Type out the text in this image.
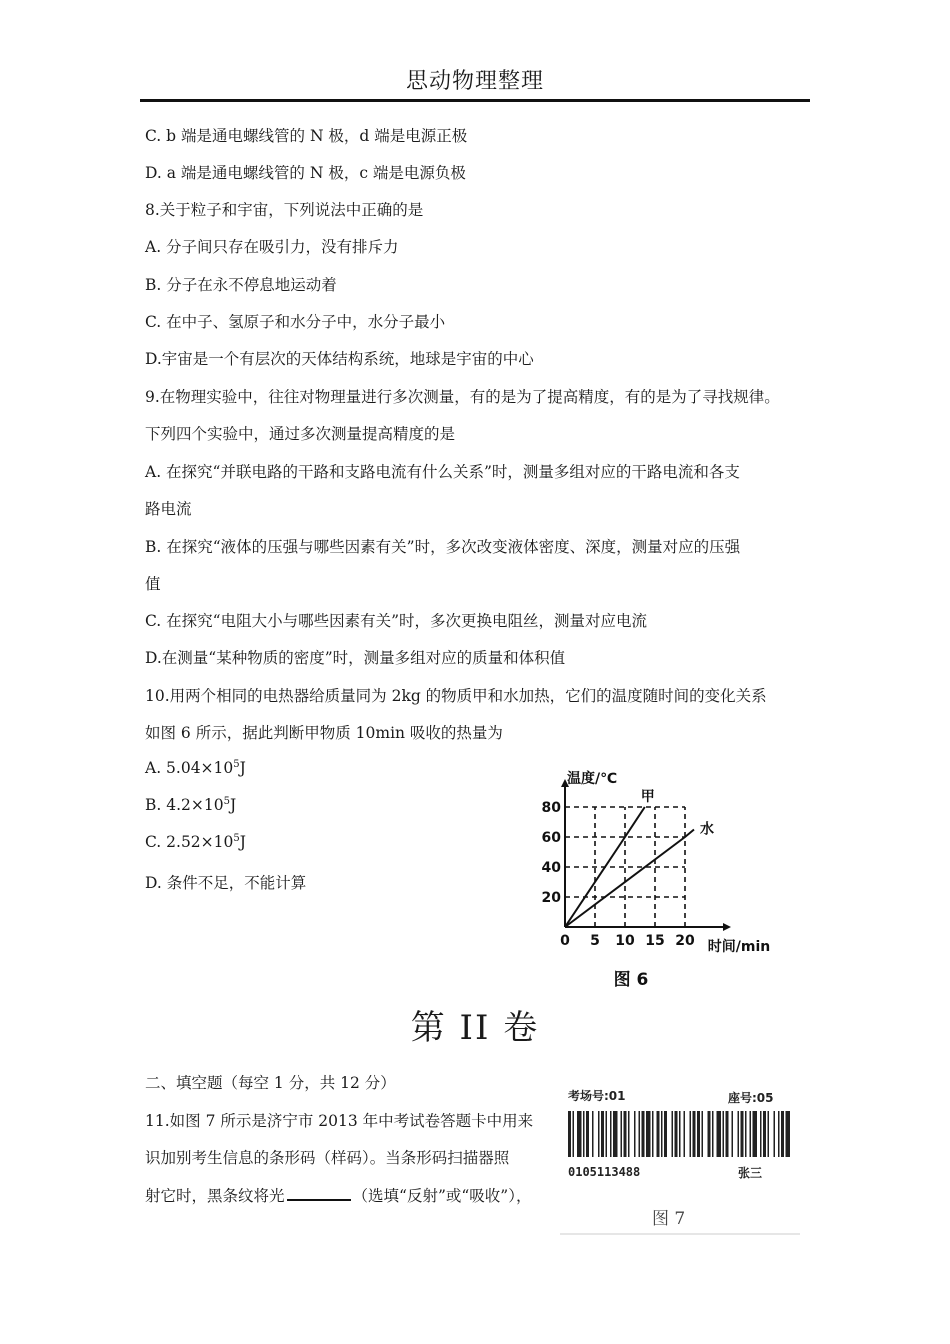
思动物理整理
C. b 端是通电螺线管的 N 极，d 端是电源正极
D. a 端是通电螺线管的 N 极，c 端是电源负极
8.关于粒子和宇宙，下列说法中正确的是
A. 分子间只存在吸引力，没有排斥力
B. 分子在永不停息地运动着
C. 在中子、氢原子和水分子中，水分子最小
D.宇宙是一个有层次的天体结构系统，地球是宇宙的中心
9.在物理实验中，往往对物理量进行多次测量，有的是为了提高精度，有的是为了寻找规律。
下列四个实验中，通过多次测量提高精度的是
A. 在探究“并联电路的干路和支路电流有什么关系”时，测量多组对应的干路电流和各支
路电流
B. 在探究“液体的压强与哪些因素有关”时，多次改变液体密度、深度，测量对应的压强
值
C. 在探究“电阻大小与哪些因素有关”时，多次更换电阻丝，测量对应电流
D.在测量“某种物质的密度”时，测量多组对应的质量和体积值
10.用两个相同的电热器给质量同为 2kg 的物质甲和水加热，它们的温度随时间的变化关系
如图 6 所示，据此判断甲物质 10min 吸收的热量为
A. $5.04\times 10^5J$
B. $4.2\times 10^5J$
C. $2.52\times 10^5J$
D. 条件不足，不能计算
0 5 10 15 20
20
40
60
80
温度/℃
时间/min
图 6
甲
水
第 II 卷
二、填空题（每空 1 分，共 12 分）
11.如图 7 所示是济宁市 2013 年中考试卷答题卡中用来
识加别考生信息的条形码（样码）。当条形码扫描器照
射它时，黑条纹将光	（选填“反射”或“吸收”），
考场号:01	座号:05
0105113488	张三
图 7
